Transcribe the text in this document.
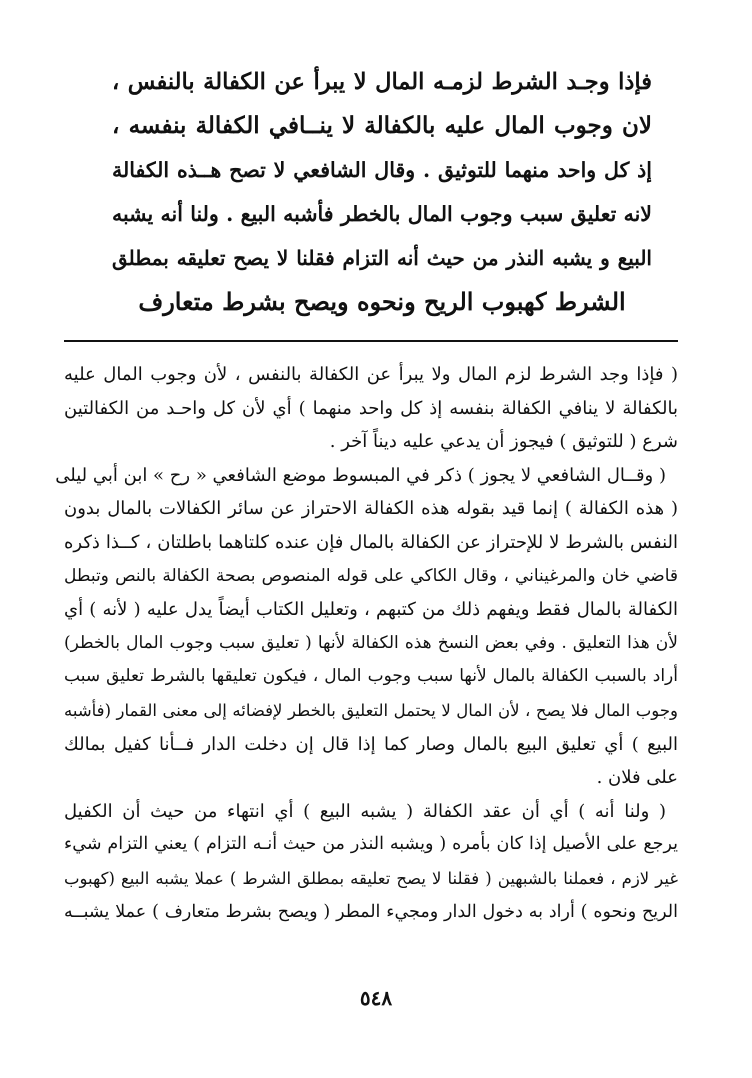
فإذا وجـد الشرط لزمـه المال لا يبرأ عن الكفالة بالنفس ،
لان وجوب المال عليه بالكفالة لا ينــافي الكفالة بنفسه ،
إذ كل واحد منهما للتوثيق . وقال الشافعي لا تصح هــذه الكفالة
لانه تعليق سبب وجوب المال بالخطر فأشبه البيع . ولنا أنه يشبه
البيع و يشبه النذر من حيث أنه التزام فقلنا لا يصح تعليقه بمطلق
الشرط كهبوب الريح ونحوه ويصح بشرط متعارف
( فإذا وجد الشرط لزم المال ولا يبرأ عن الكفالة بالنفس ، لأن وجوب المال عليه
بالكفالة لا ينافي الكفالة بنفسه إذ كل واحد منهما ) أي لأن كل واحـد من الكفالتين
شرع ( للتوثيق ) فيجوز أن يدعي عليه ديناً آخر .
( وقــال الشافعي لا يجوز ) ذكر في المبسوط موضع الشافعي « رح » ابن أبي ليلى
( هذه الكفالة ) إنما قيد بقوله هذه الكفالة الاحتراز عن سائر الكفالات بالمال بدون
النفس بالشرط لا للإحتراز عن الكفالة بالمال فإن عنده كلتاهما باطلتان ، كــذا ذكره
قاضي خان والمرغيناني ، وقال الكاكي على قوله المنصوص بصحة الكفالة بالنص وتبطل
الكفالة بالمال فقط ويفهم ذلك من كتبهم ، وتعليل الكتاب أيضاً يدل عليه ( لأنه ) أي
لأن هذا التعليق . وفي بعض النسخ هذه الكفالة لأنها ( تعليق سبب وجوب المال بالخطر)
أراد بالسبب الكفالة بالمال لأنها سبب وجوب المال ، فيكون تعليقها بالشرط تعليق سبب
وجوب المال فلا يصح ، لأن المال لا يحتمل التعليق بالخطر لإفضائه إلى معنى القمار (فأشبه
البيع ) أي تعليق البيع بالمال وصار كما إذا قال إن دخلت الدار فــأنا كفيل بمالك
على فلان .
( ولنا أنه ) أي أن عقد الكفالة ( يشبه البيع ) أي انتهاء من حيث أن الكفيل
يرجع على الأصيل إذا كان بأمره ( ويشبه النذر من حيث أنـه التزام ) يعني التزام شيء
غير لازم ، فعملنا بالشبهين ( فقلنا لا يصح تعليقه بمطلق الشرط ) عملا يشبه البيع (كهبوب
الريح ونحوه ) أراد به دخول الدار ومجيء المطر ( ويصح بشرط متعارف ) عملا يشبــه
٥٤٨
